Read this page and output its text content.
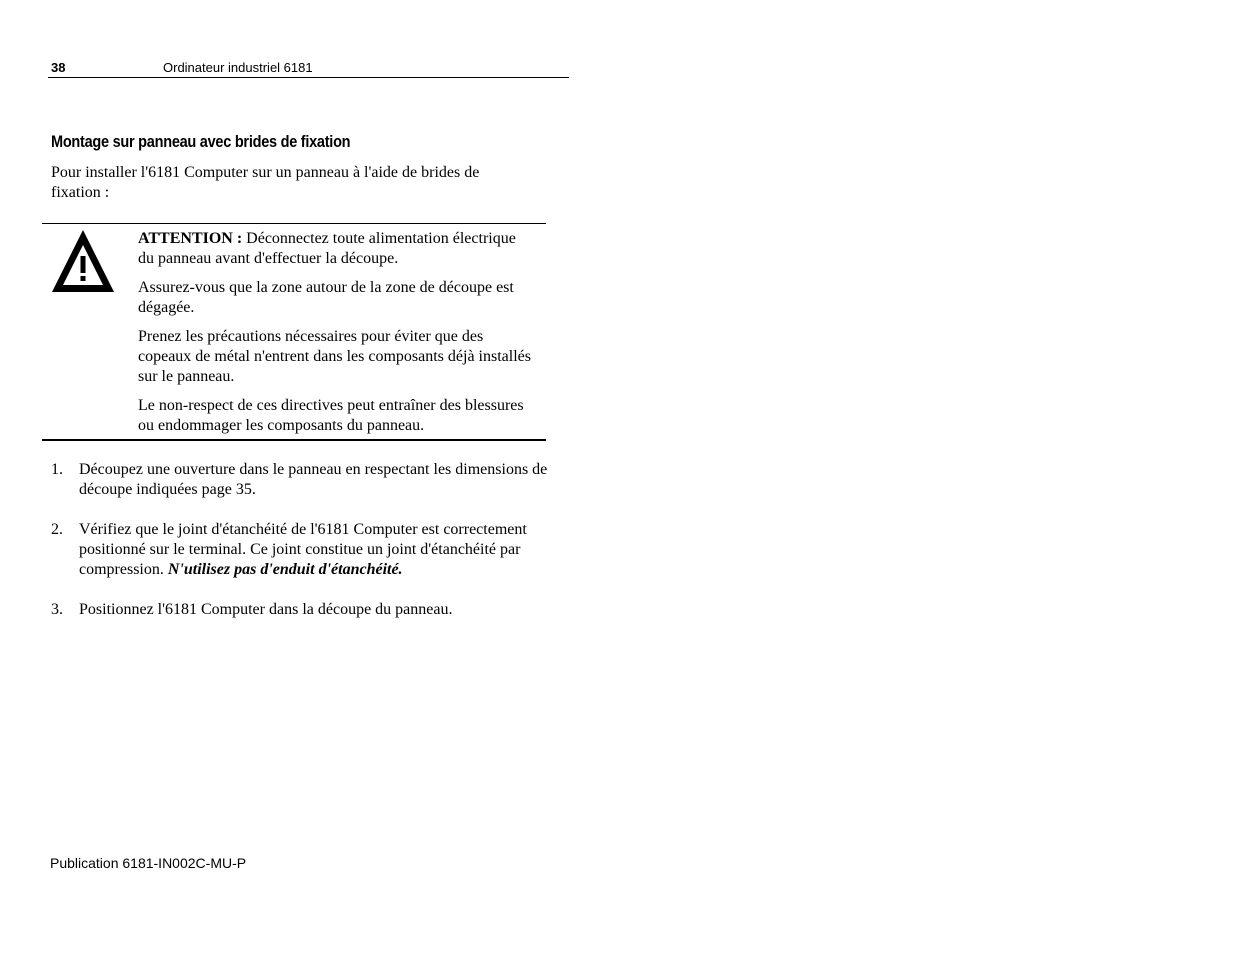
38	Ordinateur industriel 6181
Montage sur panneau avec brides de fixation
Pour installer l'6181 Computer sur un panneau à l'aide de brides de fixation :

ATTENTION : Déconnectez toute alimentation électrique du panneau avant d'effectuer la découpe.

Assurez-vous que la zone autour de la zone de découpe est dégagée.

Prenez les précautions nécessaires pour éviter que des copeaux de métal n'entrent dans les composants déjà installés sur le panneau.

Le non-respect de ces directives peut entraîner des blessures ou endommager les composants du panneau.

1. Découpez une ouverture dans le panneau en respectant les dimensions de découpe indiquées page 35.
2. Vérifiez que le joint d'étanchéité de l'6181 Computer est correctement positionné sur le terminal. Ce joint constitue un joint d'étanchéité par compression. N'utilisez pas d'enduit d'étanchéité.
3. Positionnez l'6181 Computer dans la découpe du panneau.
Publication 6181-IN002C-MU-P
